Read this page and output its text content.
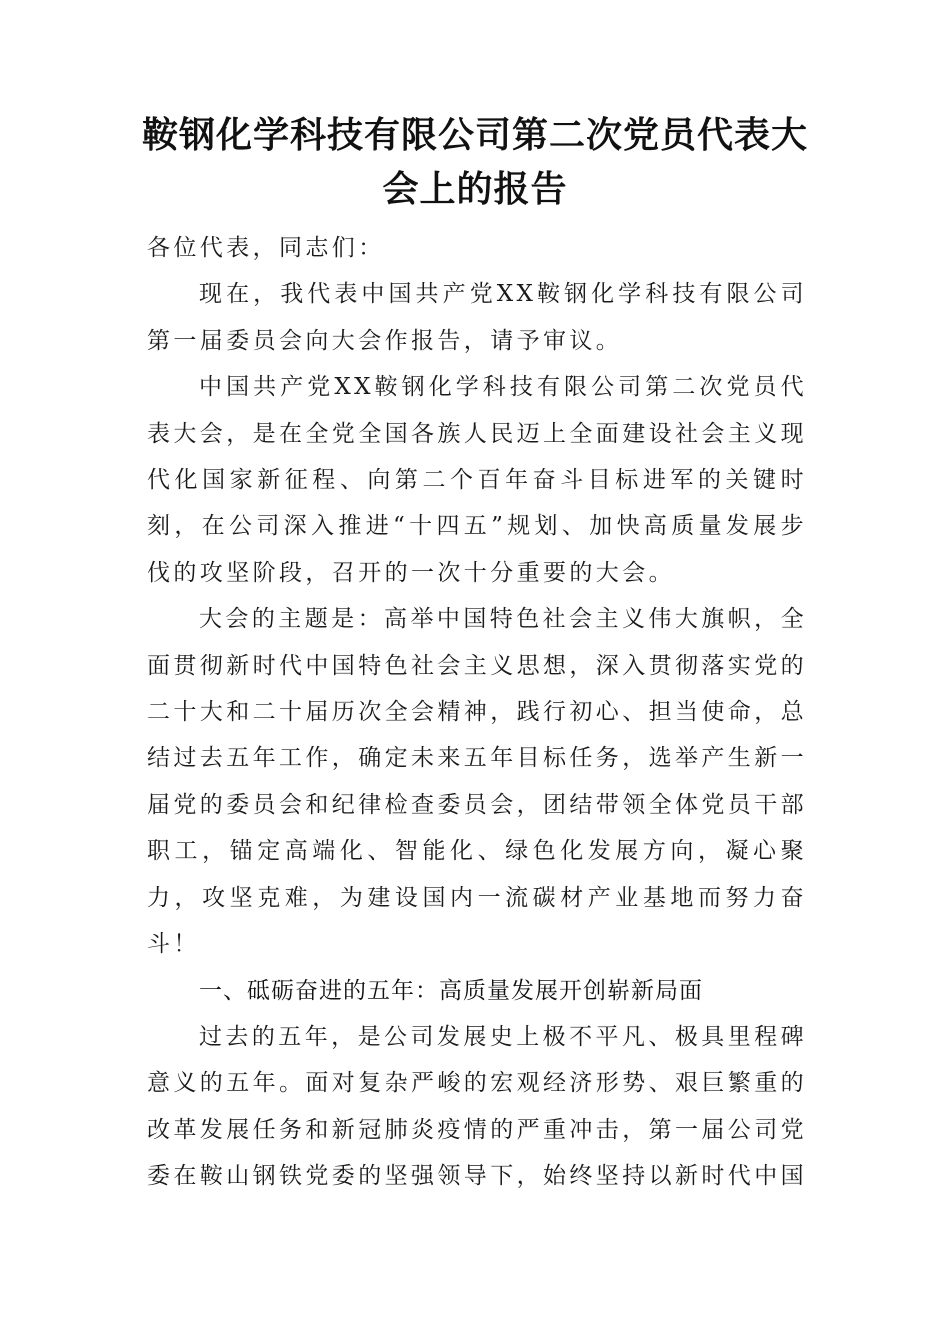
鞍钢化学科技有限公司第二次党员代表大会上的报告

各位代表，同志们：

现在，我代表中国共产党XX鞍钢化学科技有限公司第一届委员会向大会作报告，请予审议。

中国共产党XX鞍钢化学科技有限公司第二次党员代表大会，是在全党全国各族人民迈上全面建设社会主义现代化国家新征程、向第二个百年奋斗目标进军的关键时刻，在公司深入推进“十四五”规划、加快高质量发展步伐的攻坚阶段，召开的一次十分重要的大会。

大会的主题是：高举中国特色社会主义伟大旗帜，全面贯彻新时代中国特色社会主义思想，深入贯彻落实党的二十大和二十届历次全会精神，践行初心、担当使命，总结过去五年工作，确定未来五年目标任务，选举产生新一届党的委员会和纪律检查委员会，团结带领全体党员干部职工，锚定高端化、智能化、绿色化发展方向，凝心聚力，攻坚克难，为建设国内一流碳材产业基地而努力奋斗！

一、砥砺奋进的五年：高质量发展开创崭新局面

过去的五年，是公司发展史上极不平凡、极具里程碑意义的五年。面对复杂严峻的宏观经济形势、艰巨繁重的改革发展任务和新冠肺炎疫情的严重冲击，第一届公司党委在鞍山钢铁党委的坚强领导下，始终坚持以新时代中国
